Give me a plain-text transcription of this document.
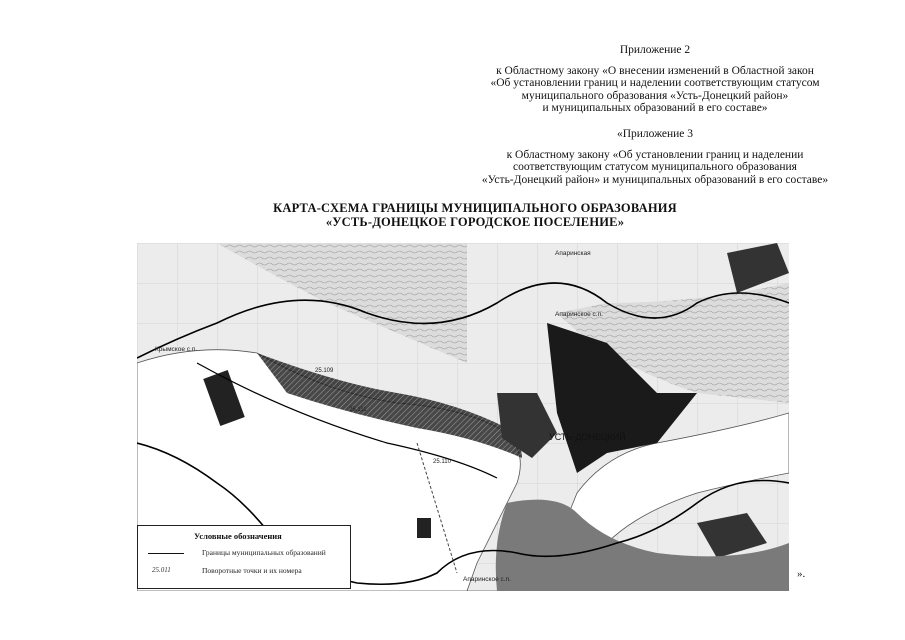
Приложение 2
к Областному закону «О внесении изменений в Областной закон
«Об установлении границ и наделении соответствующим статусом
муниципального образования «Усть-Донецкий район»
и муниципальных образований в его составе»
«Приложение 3
к Областному закону «Об установлении границ и наделении
соответствующим статусом муниципального образования
«Усть-Донецкий район» и муниципальных образований в его составе»
КАРТА-СХЕМА ГРАНИЦЫ МУНИЦИПАЛЬНОГО ОБРАЗОВАНИЯ
«УСТЬ-ДОНЕЦКОЕ ГОРОДСКОЕ ПОСЕЛЕНИЕ»
Крымское с.п.
Апаринское с.п.
Апаринское с.п.
Апаринская
УСТЬ-ДОНЕЦКИЙ
25.109
25.110
25.111
Условные обозначения
Границы муниципальных образований
25.011	Поворотные точки и их номера	».
